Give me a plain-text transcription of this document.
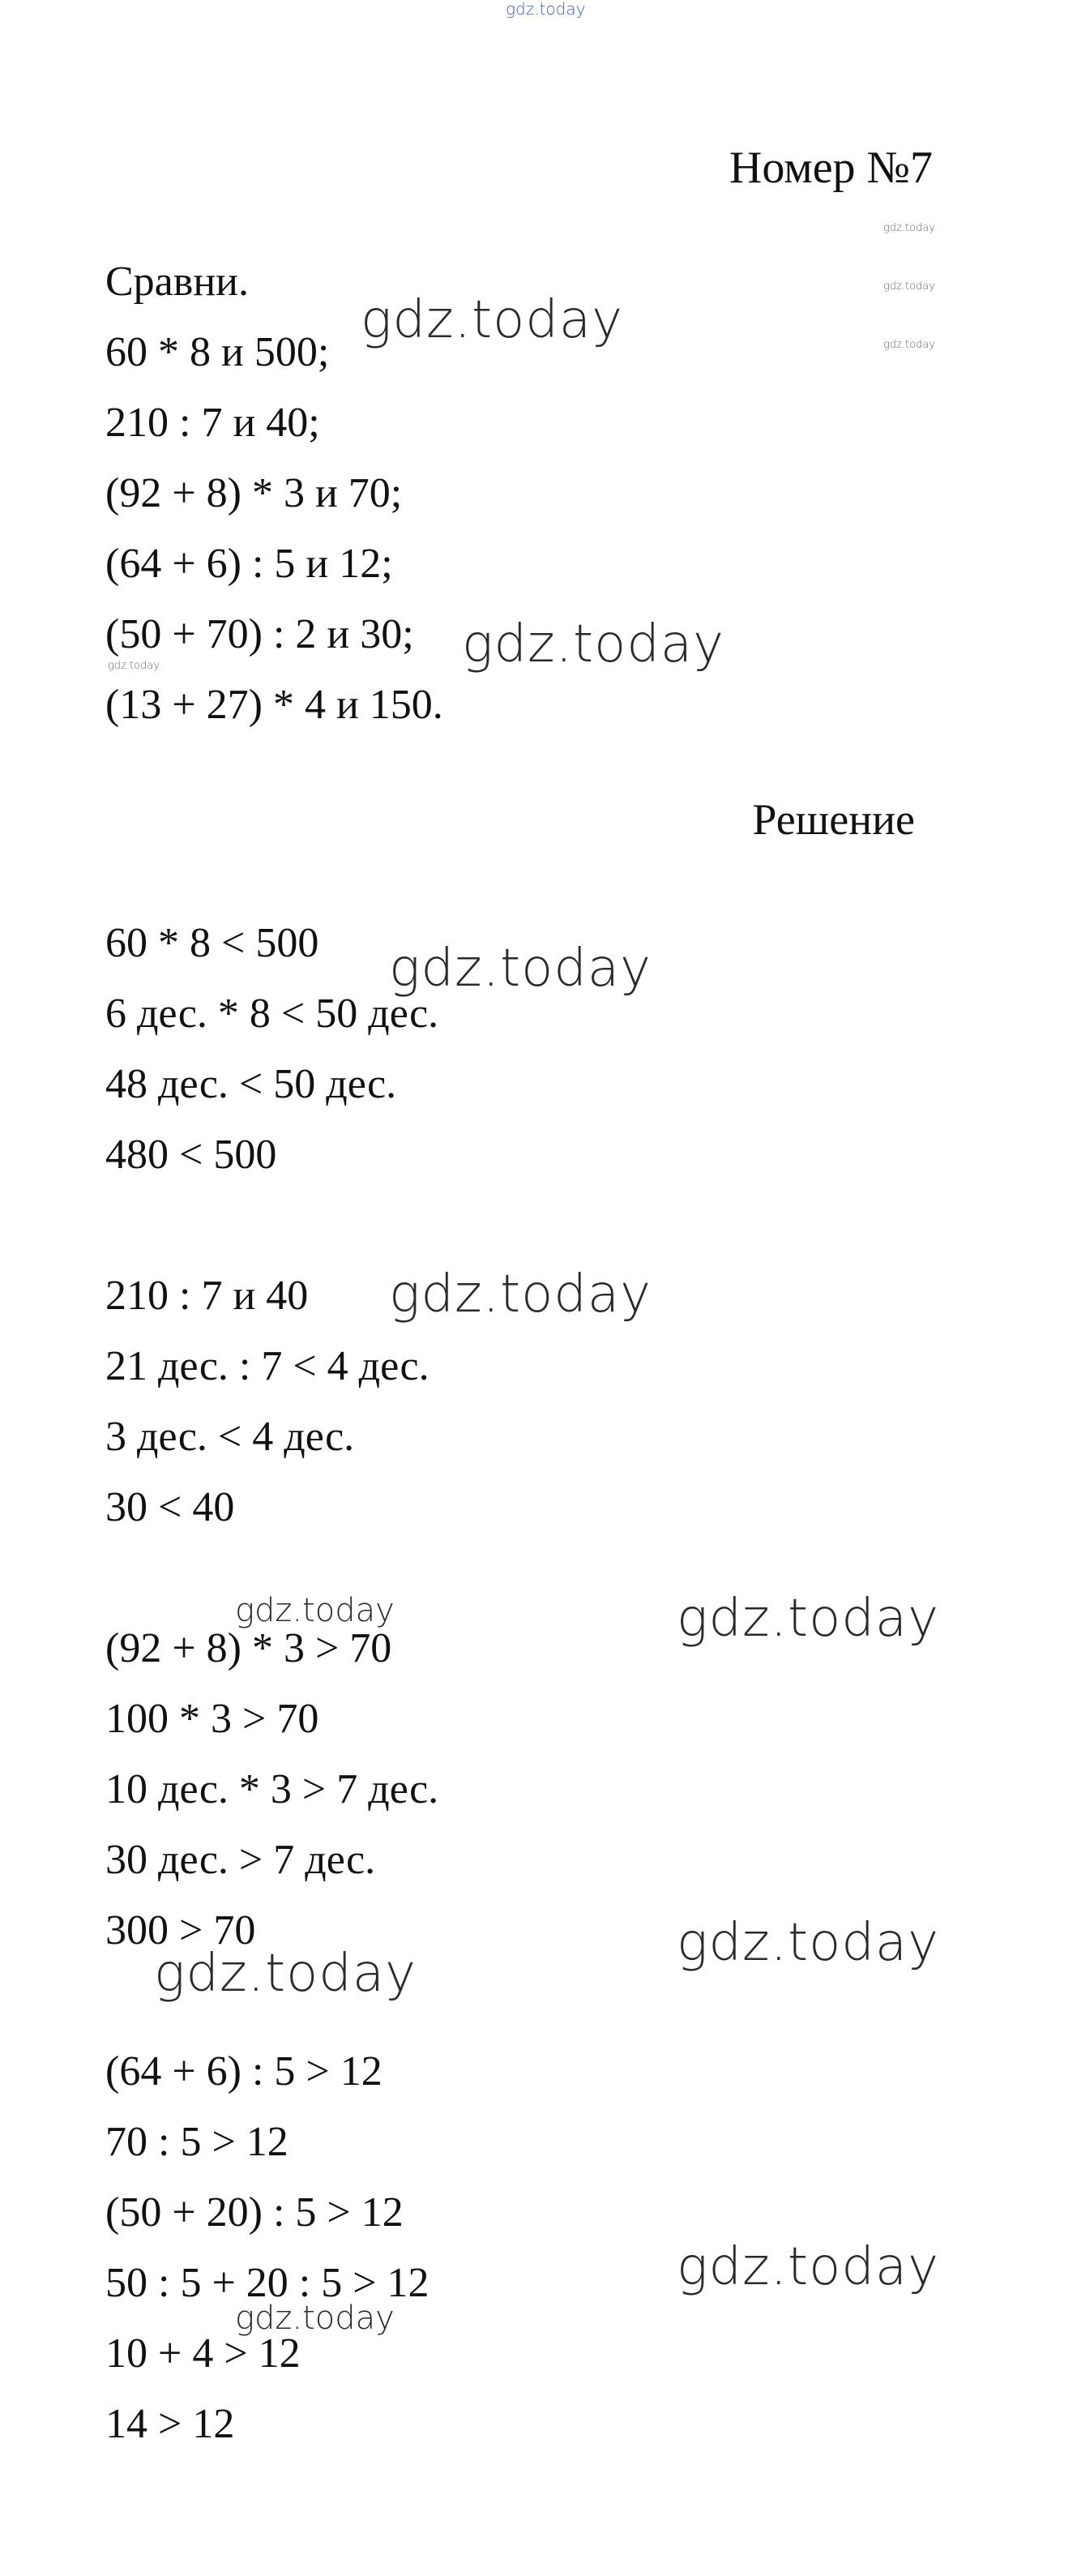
gdz.today
Номер №7
gdz.today
gdz.today
gdz.today
Сравни.
60 * 8 и 500;
210 : 7 и 40;
(92 + 8) * 3 и 70;
(64 + 6) : 5 и 12;
(50 + 70) : 2 и 30;
(13 + 27) * 4 и 150.
gdz.today
gdz.today
gdz.today
Решение
60 * 8 < 500
6 дес. * 8 < 50 дес.
48 дес. < 50 дес.
480 < 500
gdz.today
210 : 7 и 40
21 дес. : 7 < 4 дес.
3 дес. < 4 дес.
30 < 40
gdz.today
gdz.today	gdz.today
(92 + 8) * 3 > 70
100 * 3 > 70
10 дес. * 3 > 7 дес.
30 дес. > 7 дес.
300 > 70	gdz.today
gdz.today
(64 + 6) : 5 > 12
70 : 5 > 12
(50 + 20) : 5 > 12
50 : 5 + 20 : 5 > 12
10 + 4 > 12
14 > 12
gdz.today
gdz.today
